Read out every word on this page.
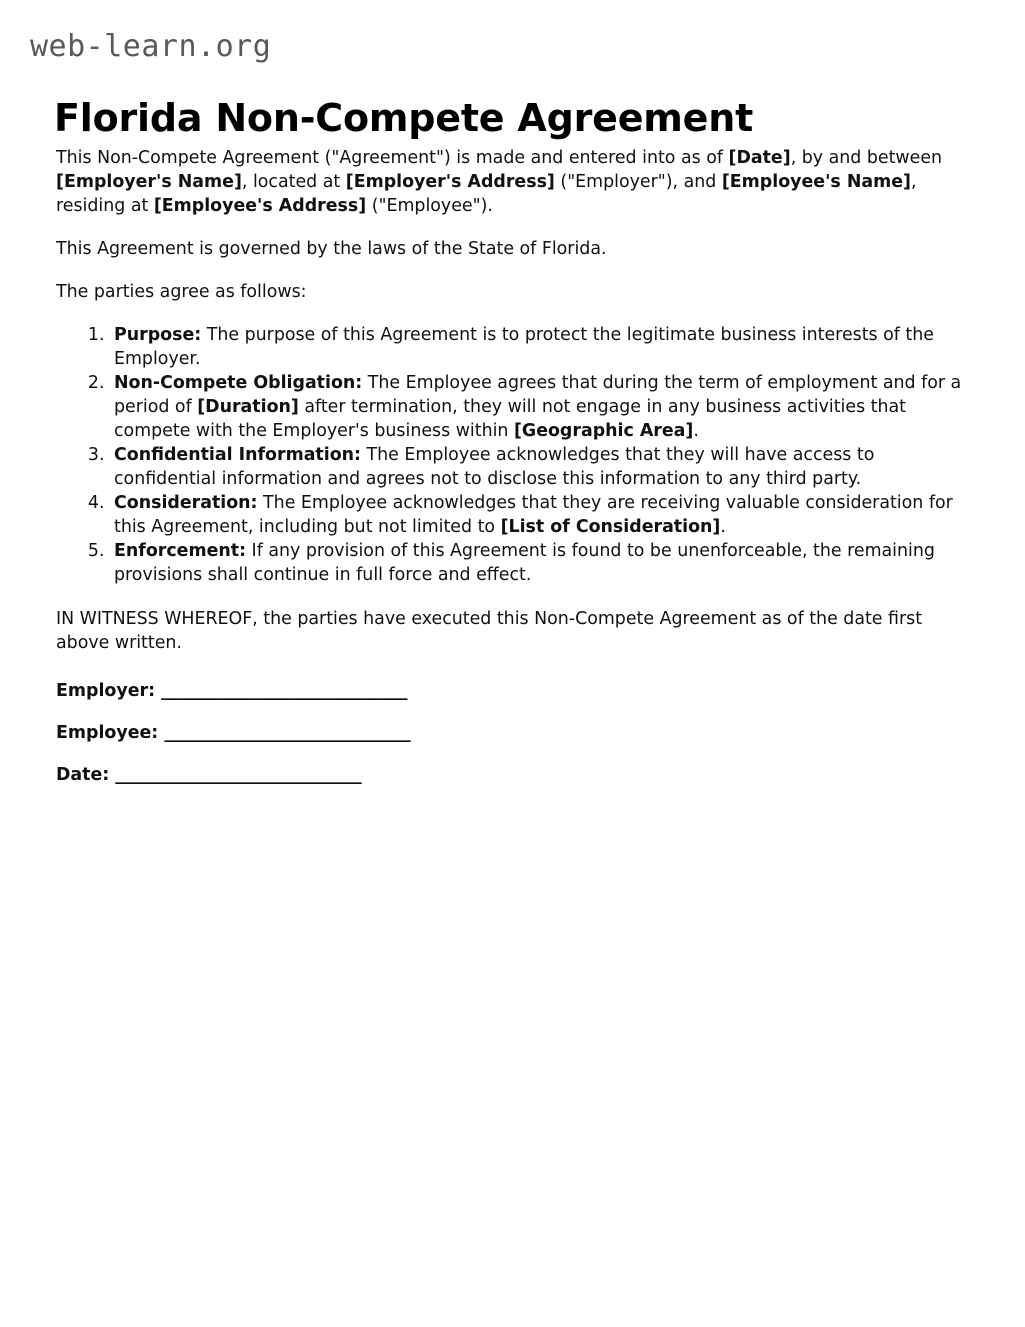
web-learn.org
Florida Non-Compete Agreement

This Non-Compete Agreement ("Agreement") is made and entered into as of [Date], by and between [Employer's Name], located at [Employer's Address] ("Employer"), and [Employee's Name], residing at [Employee's Address] ("Employee").

This Agreement is governed by the laws of the State of Florida.

The parties agree as follows:

1. Purpose: The purpose of this Agreement is to protect the legitimate business interests of the Employer.
2. Non-Compete Obligation: The Employee agrees that during the term of employment and for a period of [Duration] after termination, they will not engage in any business activities that compete with the Employer's business within [Geographic Area].
3. Confidential Information: The Employee acknowledges that they will have access to confidential information and agrees not to disclose this information to any third party.
4. Consideration: The Employee acknowledges that they are receiving valuable consideration for this Agreement, including but not limited to [List of Consideration].
5. Enforcement: If any provision of this Agreement is found to be unenforceable, the remaining provisions shall continue in full force and effect.

IN WITNESS WHEREOF, the parties have executed this Non-Compete Agreement as of the date first above written.

Employer: ______________________________
Employee: ______________________________
Date: ______________________________
